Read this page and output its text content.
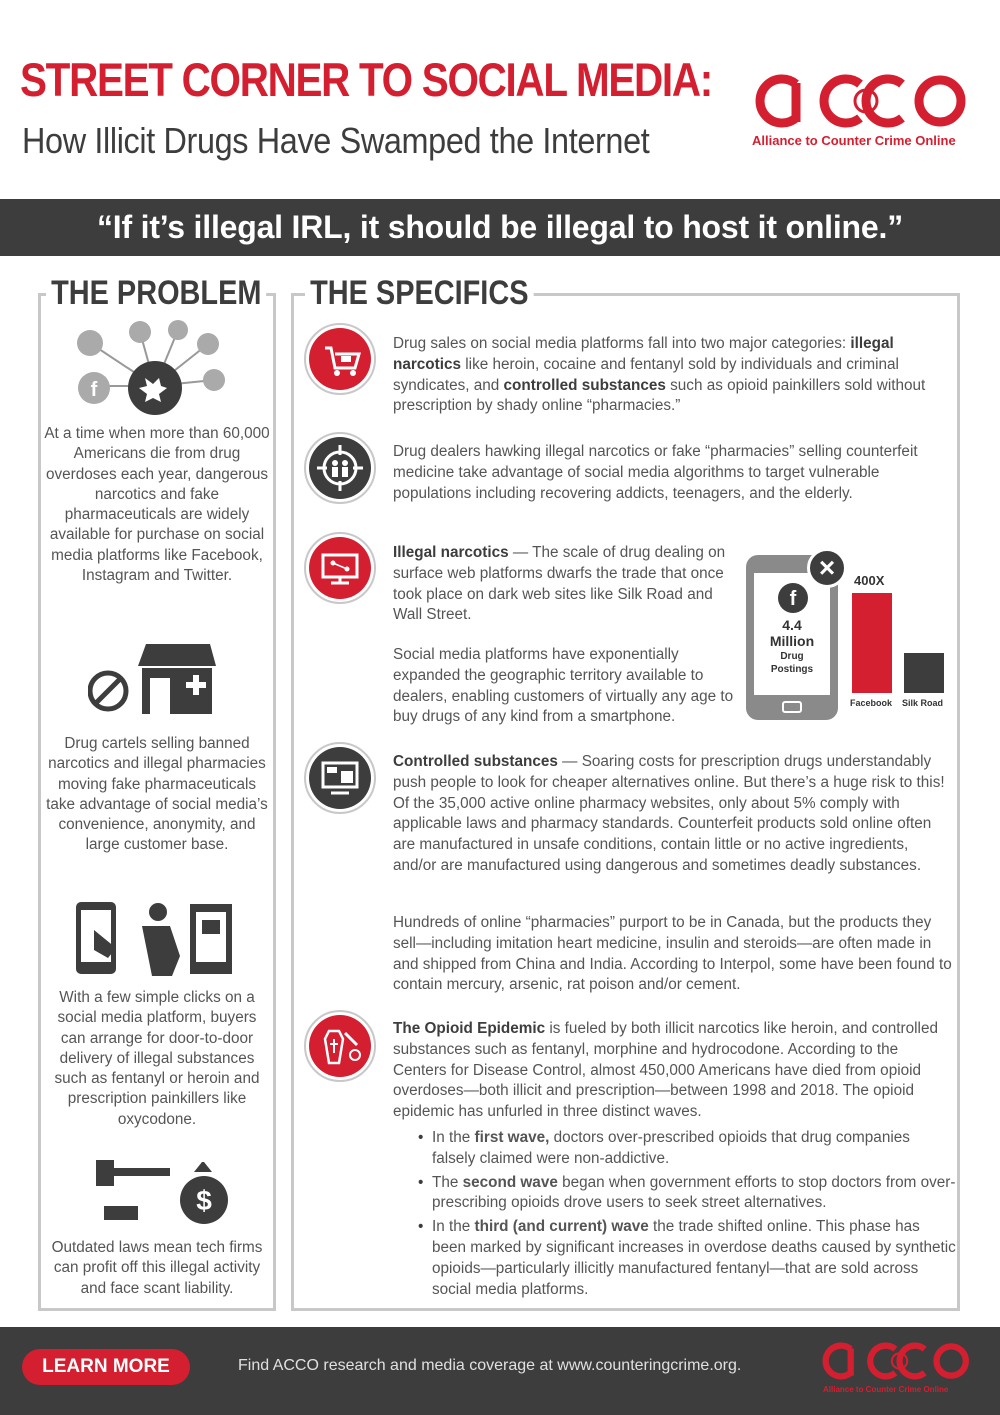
STREET CORNER TO SOCIAL MEDIA:
How Illicit Drugs Have Swamped the Internet	Alliance to Counter Crime Online
“If it’s illegal IRL, it should be illegal to host it online.”
THE PROBLEM THE SPECIFICS
f
At a time when more than 60,000 Americans die from drug overdoses each year, dangerous narcotics and fake pharmaceuticals are widely available for purchase on social media platforms like Facebook, Instagram and Twitter.
Drug cartels selling banned narcotics and illegal pharmacies moving fake pharmaceuticals take advantage of social media’s convenience, anonymity, and large customer base.
With a few simple clicks on a social media platform, buyers can arrange for door-to-door delivery of illegal substances such as fentanyl or heroin and prescription painkillers like oxycodone.
$
Outdated laws mean tech firms can profit off this illegal activity and face scant liability.
Drug sales on social media platforms fall into two major categories: illegal narcotics like heroin, cocaine and fentanyl sold by individuals and criminal syndicates, and controlled substances such as opioid painkillers sold without prescription by shady online “pharmacies.”
Drug dealers hawking illegal narcotics or fake “pharmacies” selling counterfeit medicine take advantage of social media algorithms to target vulnerable populations including recovering addicts, teenagers, and the elderly.
Illegal narcotics — The scale of drug dealing on surface web platforms dwarfs the trade that once took place on dark web sites like Silk Road and Wall Street.
Social media platforms have exponentially expanded the geographic territory available to dealers, enabling customers of virtually any age to buy drugs of any kind from a smartphone.
f
4.4
Million
Drug
Postings
×
Facebook Silk Road
400X
Controlled substances — Soaring costs for prescription drugs understandably push people to look for cheaper alternatives online. But there’s a huge risk to this! Of the 35,000 active online pharmacy websites, only about 5% comply with applicable laws and pharmacy standards. Counterfeit products sold online often are manufactured in unsafe conditions, contain little or no active ingredients, and/or are manufactured using dangerous and sometimes deadly substances.
Hundreds of online “pharmacies” purport to be in Canada, but the products they sell—including imitation heart medicine, insulin and steroids—are often made in and shipped from China and India. According to Interpol, some have been found to contain mercury, arsenic, rat poison and/or cement.
The Opioid Epidemic is fueled by both illicit narcotics like heroin, and controlled substances such as fentanyl, morphine and hydrocodone. According to the Centers for Disease Control, almost 450,000 Americans have died from opioid overdoses—both illicit and prescription—between 1998 and 2018. The opioid epidemic has unfurled in three distinct waves.
• In the first wave, doctors over-prescribed opioids that drug companies falsely claimed were non-addictive.
• The second wave began when government efforts to stop doctors from over-prescribing opioids drove users to seek street alternatives.
• In the third (and current) wave the trade shifted online. This phase has been marked by significant increases in overdose deaths caused by synthetic opioids—particularly illicitly manufactured fentanyl—that are sold across social media platforms.
LEARN MORE	Find ACCO research and media coverage at www.counteringcrime.org.
Alliance to Counter Crime Online
